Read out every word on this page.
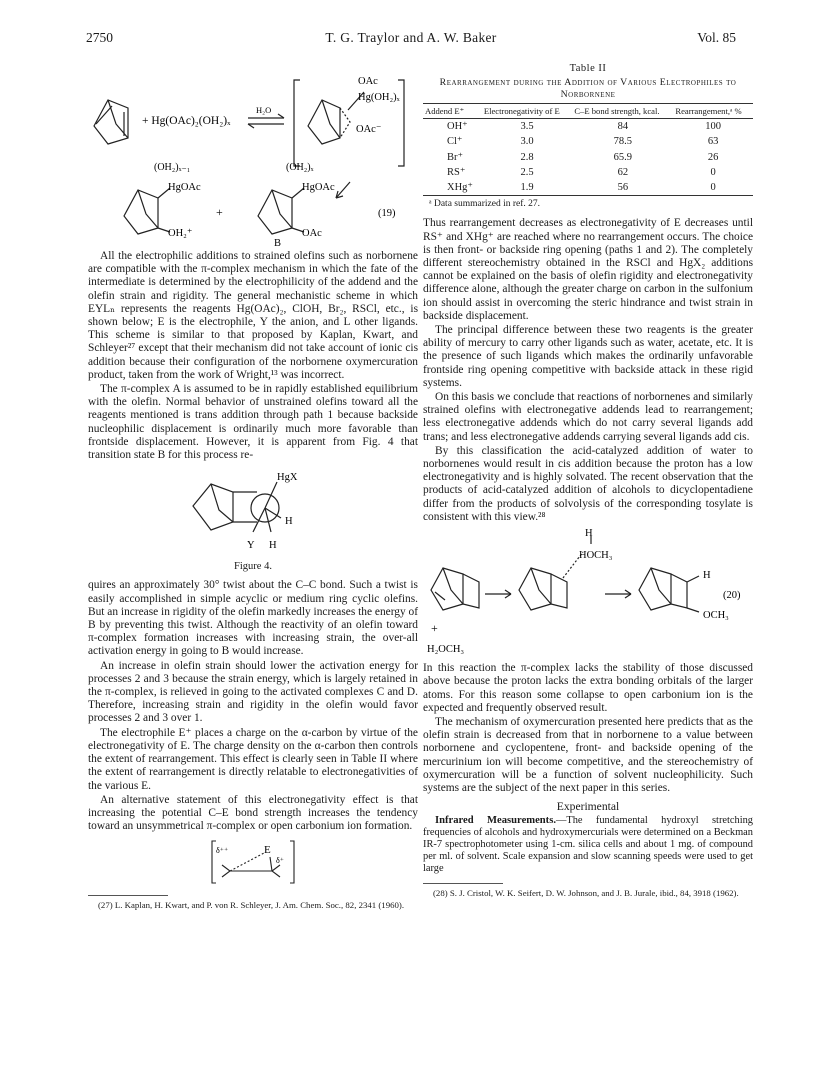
2750	T. G. Traylor and A. W. Baker	Vol. 85
+ Hg(OAc)₂(OH₂)ₓ
H₂O
OAc
Hg(OH₂)ₓ
OAc⁻
(OH₂)ₓ₋₁
HgOAc
OH₂⁺
+
(OH₂)ₓ
HgOAc
OAc
(19)
B

All the electrophilic additions to strained olefins such as norbornene are compatible with the π-complex mechanism in which the fate of the intermediate is determined by the electrophilicity of the addend and the olefin strain and rigidity. The general mechanistic scheme in which EYLₙ represents the reagents Hg(OAc)₂, ClOH, Br₂, RSCl, etc., is shown below; E is the electrophile, Y the anion, and L other ligands. This scheme is similar to that proposed by Kaplan, Kwart, and Schleyer²⁷ except that their mechanism did not take account of ionic cis addition because their configuration of the norbornene oxymercuration product, taken from the work of Wright,¹³ was incorrect.

The π-complex A is assumed to be in rapidly established equilibrium with the olefin. Normal behavior of unstrained olefins toward all the reagents mentioned is trans addition through path 1 because backside nucleophilic displacement is ordinarily much more favorable than frontside displacement. However, it is apparent from Fig. 4 that transition state B for this process re-

HgX
Y
H
H
Figure 4.

quires an approximately 30° twist about the C–C bond. Such a twist is easily accomplished in simple acyclic or medium ring cyclic olefins. But an increase in rigidity of the olefin markedly increases the energy of B by preventing this twist. Although the reactivity of an olefin toward π-complex formation increases with increasing strain, the over-all activation energy in going to B would increase.

An increase in olefin strain should lower the activation energy for processes 2 and 3 because the strain energy, which is largely retained in the π-complex, is relieved in going to the activated complexes C and D. Therefore, increasing strain and rigidity in the olefin would favor processes 2 and 3 over 1.

The electrophile E⁺ places a charge on the α-carbon by virtue of the electronegativity of E. The charge density on the α-carbon then controls the extent of rearrangement. This effect is clearly seen in Table II where the extent of rearrangement is directly relatable to electronegativities of the various E.

An alternative statement of this electronegativity effect is that increasing the potential C–E bond strength increases the tendency toward an unsymmetrical π-complex or open carbonium ion formation.

δ⁺⁺	E
δ⁺

(27) L. Kaplan, H. Kwart, and P. von R. Schleyer, J. Am. Chem. Soc., 82, 2341 (1960).

Table II

Rearrangement during the Addition of Various Electrophiles to Norbornene

Addend E⁺	Electronegativity of E	C–E bond strength, kcal.	Rearrangement,ᵃ %
OH⁺	3.5	84	100
Cl⁺	3.0	78.5	63
Br⁺	2.8	65.9	26
RS⁺	2.5	62	0
XHg⁺	1.9	56	0

ᵃ Data summarized in ref. 27.

Thus rearrangement decreases as electronegativity of E decreases until RS⁺ and XHg⁺ are reached where no rearrangement occurs. The choice is then front- or backside ring opening (paths 1 and 2). The completely different stereochemistry obtained in the RSCl and HgX₂ additions cannot be explained on the basis of olefin rigidity and electronegativity difference alone, although the greater charge on carbon in the sulfonium ion should assist in overcoming the steric hindrance and twist strain in backside displacement.

The principal difference between these two reagents is the greater ability of mercury to carry other ligands such as water, acetate, etc. It is the presence of such ligands which makes the ordinarily unfavorable frontside ring opening competitive with backside attack in these rigid systems.

On this basis we conclude that reactions of norbornenes and similarly strained olefins with electronegative addends lead to rearrangement; less electronegative addends which do not carry several ligands add trans; and less electronegative addends carrying several ligands add cis.

By this classification the acid-catalyzed addition of water to norbornenes would result in cis addition because the proton has a low electronegativity and is highly solvated. The recent observation that the products of acid-catalyzed addition of alcohols to dicyclopentadiene differ from the products of solvolysis of the corresponding tosylate is consistent with this view.²⁸

H
HOCH₃
H
OCH₃
(20)
+
H₂OCH₃

In this reaction the π-complex lacks the stability of those discussed above because the proton lacks the extra bonding orbitals of the larger atoms. For this reason some collapse to open carbonium ion is the expected and frequently observed result.

The mechanism of oxymercuration presented here predicts that as the olefin strain is decreased from that in norbornene to a value between norbornene and cyclopentene, front- and backside opening of the mercurinium ion will become competitive, and the stereochemistry of oxymercuration will be a function of solvent nucleophilicity. Such systems are the subject of the next paper in this series.

Experimental

Infrared Measurements.—The fundamental hydroxyl stretching frequencies of alcohols and hydroxymercurials were determined on a Beckman IR-7 spectrophotometer using 1-cm. silica cells and about 1 mg. of compound per ml. of solvent. Scale expansion and slow scanning speeds were used to get large

(28) S. J. Cristol, W. K. Seifert, D. W. Johnson, and J. B. Jurale, ibid., 84, 3918 (1962).
